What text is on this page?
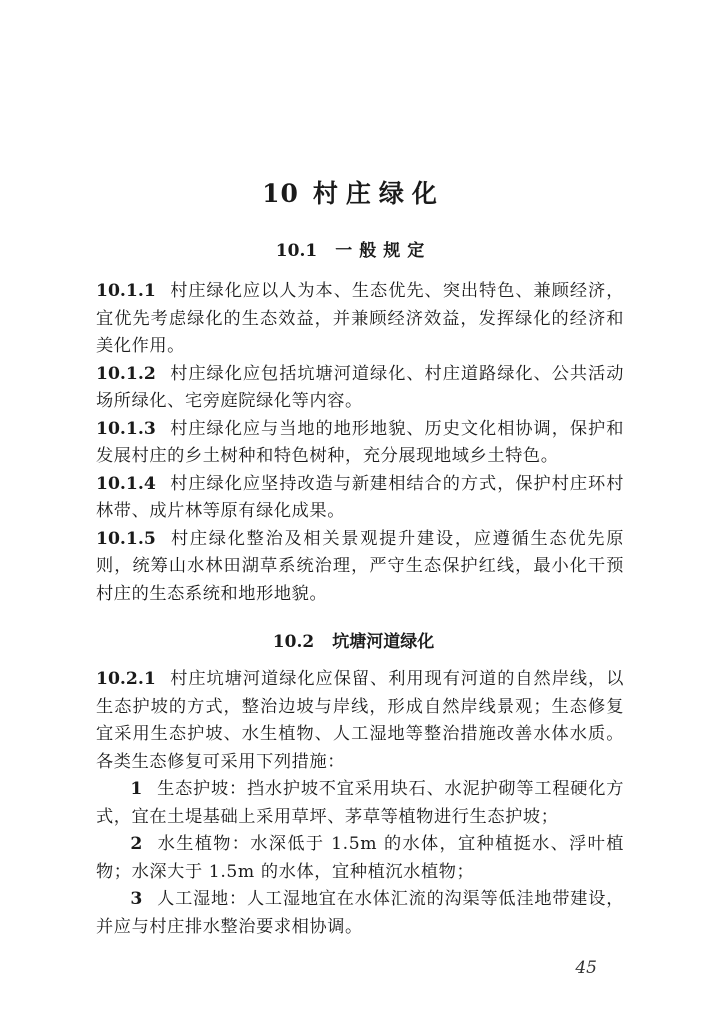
10 村庄绿化
10.1 一般规定

10.1.1 村庄绿化应以人为本、生态优先、突出特色、兼顾经济，宜优先考虑绿化的生态效益，并兼顾经济效益，发挥绿化的经济和美化作用。

10.1.2 村庄绿化应包括坑塘河道绿化、村庄道路绿化、公共活动场所绿化、宅旁庭院绿化等内容。

10.1.3 村庄绿化应与当地的地形地貌、历史文化相协调，保护和发展村庄的乡土树种和特色树种，充分展现地域乡土特色。

10.1.4 村庄绿化应坚持改造与新建相结合的方式，保护村庄环村林带、成片林等原有绿化成果。

10.1.5 村庄绿化整治及相关景观提升建设，应遵循生态优先原则，统筹山水林田湖草系统治理，严守生态保护红线，最小化干预村庄的生态系统和地形地貌。

10.2 坑塘河道绿化

10.2.1 村庄坑塘河道绿化应保留、利用现有河道的自然岸线，以生态护坡的方式，整治边坡与岸线，形成自然岸线景观；生态修复宜采用生态护坡、水生植物、人工湿地等整治措施改善水体水质。各类生态修复可采用下列措施：

1 生态护坡：挡水护坡不宜采用块石、水泥护砌等工程硬化方式，宜在土堤基础上采用草坪、茅草等植物进行生态护坡；

2 水生植物：水深低于 1.5m 的水体，宜种植挺水、浮叶植物；水深大于 1.5m 的水体，宜种植沉水植物；

3 人工湿地：人工湿地宜在水体汇流的沟渠等低洼地带建设，并应与村庄排水整治要求相协调。

45
